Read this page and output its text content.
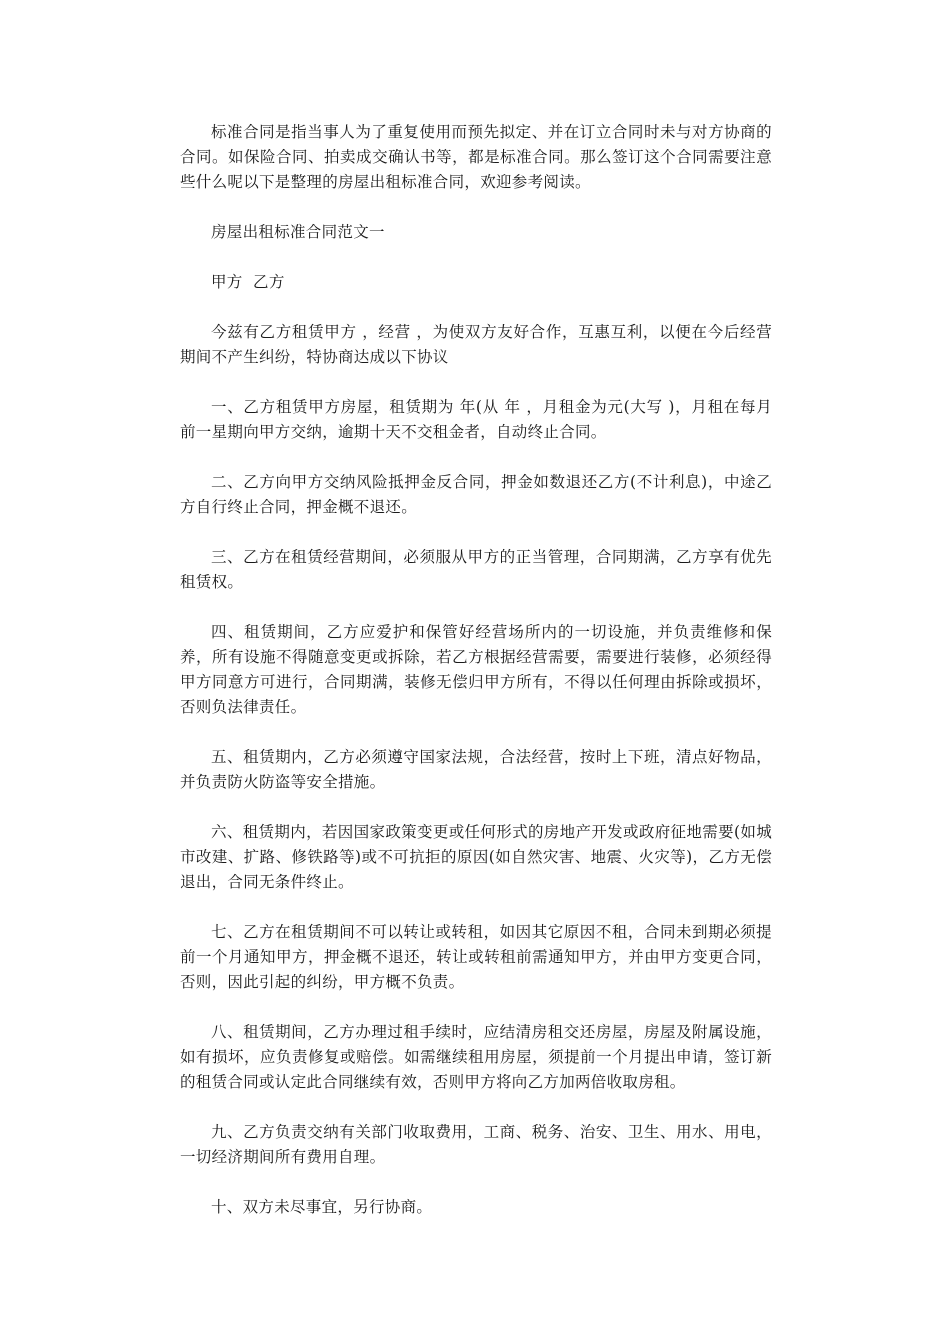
标准合同是指当事人为了重复使用而预先拟定、并在订立合同时未与对方协商的合同。如保险合同、拍卖成交确认书等，都是标准合同。那么签订这个合同需要注意些什么呢以下是整理的房屋出租标准合同，欢迎参考阅读。

房屋出租标准合同范文一

甲方  乙方

今兹有乙方租赁甲方 ，经营 ，为使双方友好合作，互惠互利，以便在今后经营期间不产生纠纷，特协商达成以下协议

一、乙方租赁甲方房屋，租赁期为 年(从 年 ，月租金为元(大写 )，月租在每月前一星期向甲方交纳，逾期十天不交租金者，自动终止合同。

二、乙方向甲方交纳风险抵押金反合同，押金如数退还乙方(不计利息)，中途乙方自行终止合同，押金概不退还。

三、乙方在租赁经营期间，必须服从甲方的正当管理，合同期满，乙方享有优先租赁权。

四、租赁期间，乙方应爱护和保管好经营场所内的一切设施，并负责维修和保养，所有设施不得随意变更或拆除，若乙方根据经营需要，需要进行装修，必须经得甲方同意方可进行，合同期满，装修无偿归甲方所有，不得以任何理由拆除或损坏，否则负法律责任。

五、租赁期内，乙方必须遵守国家法规，合法经营，按时上下班，清点好物品，并负责防火防盗等安全措施。

六、租赁期内，若因国家政策变更或任何形式的房地产开发或政府征地需要(如城市改建、扩路、修铁路等)或不可抗拒的原因(如自然灾害、地震、火灾等)，乙方无偿退出，合同无条件终止。

七、乙方在租赁期间不可以转让或转租，如因其它原因不租，合同未到期必须提前一个月通知甲方，押金概不退还，转让或转租前需通知甲方，并由甲方变更合同，否则，因此引起的纠纷，甲方概不负责。

八、租赁期间，乙方办理过租手续时，应结清房租交还房屋，房屋及附属设施，如有损坏，应负责修复或赔偿。如需继续租用房屋，须提前一个月提出申请，签订新的租赁合同或认定此合同继续有效，否则甲方将向乙方加两倍收取房租。

九、乙方负责交纳有关部门收取费用，工商、税务、治安、卫生、用水、用电，一切经济期间所有费用自理。

十、双方未尽事宜，另行协商。
